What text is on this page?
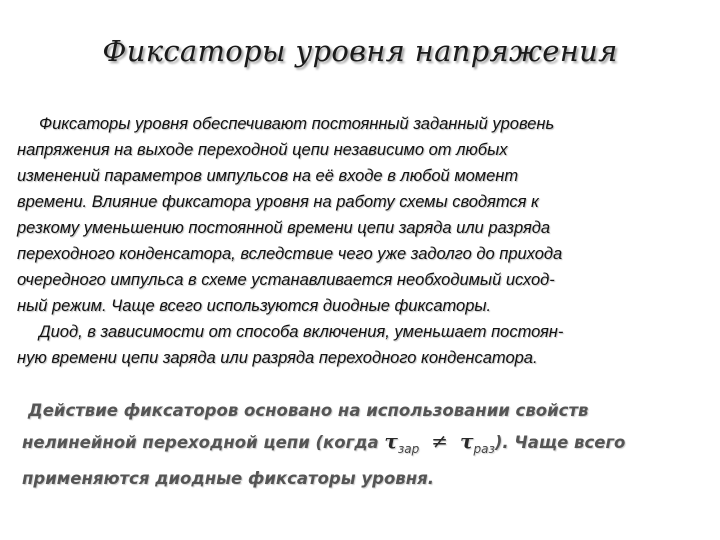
Фиксаторы уровня напряжения
Фиксаторы уровня обеспечивают постоянный заданный уровень
напряжения на выходе переходной цепи независимо от любых
изменений параметров импульсов на её входе в любой момент
времени. Влияние фиксатора уровня на работу схемы сводятся к
резкому уменьшению постоянной времени цепи заряда или разряда
переходного конденсатора, вследствие чего уже задолго до прихода
очередного импульса в схеме устанавливается необходимый исход-
ный режим. Чаще всего используются диодные фиксаторы.
Диод, в зависимости от способа включения, уменьшает постоян-
ную времени цепи заряда или разряда переходного конденсатора.
Действие фиксаторов основано на использовании свойств
нелинейной переходной цепи (когда $\tau_{зар} \ne \tau_{раз}$). Чаще всего
применяются диодные фиксаторы уровня.
